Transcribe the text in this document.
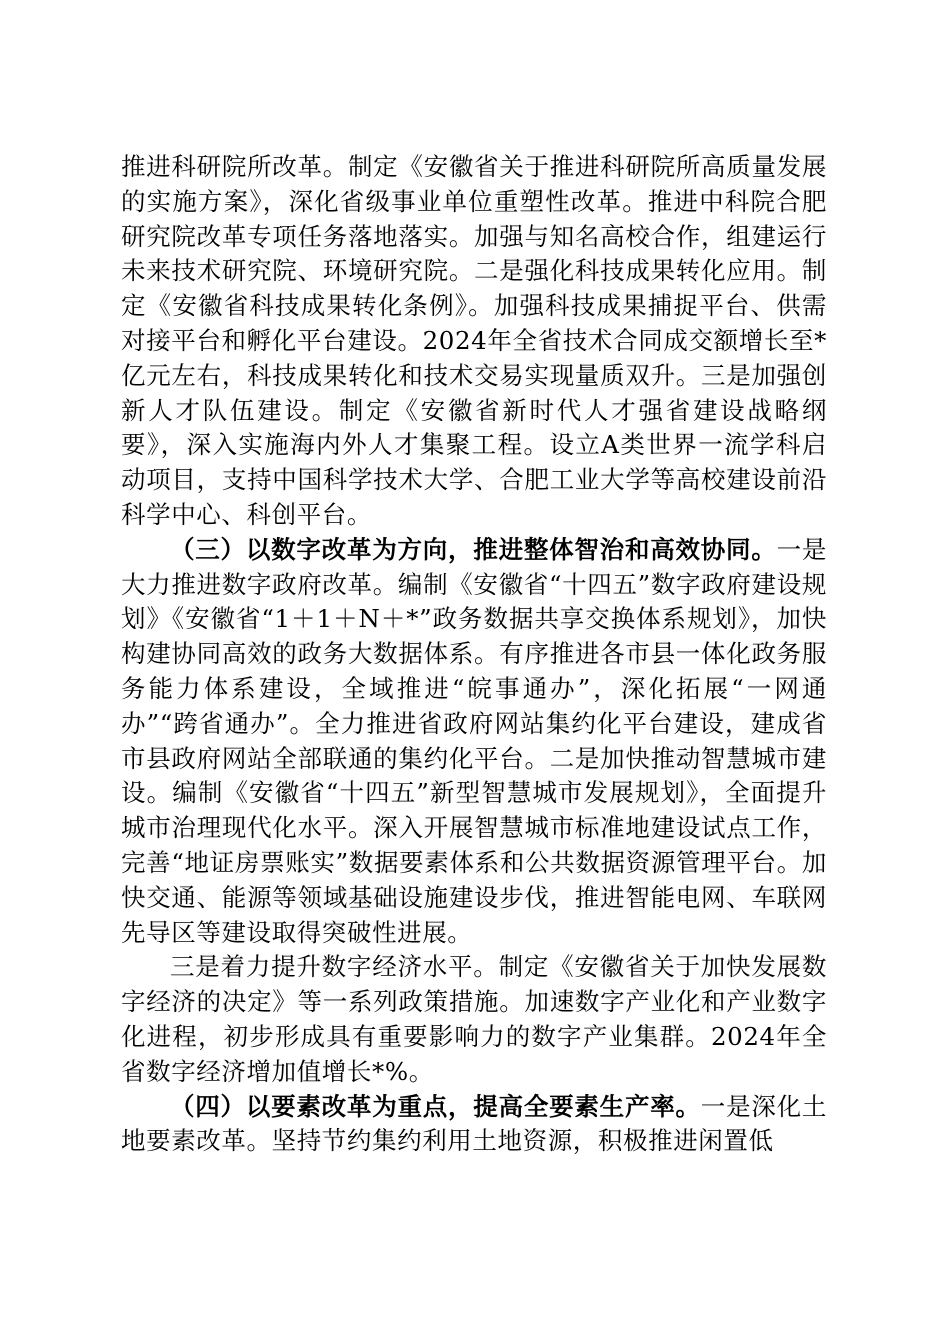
推进科研院所改革。制定《安徽省关于推进科研院所高质量发展的实施方案》，深化省级事业单位重塑性改革。推进中科院合肥研究院改革专项任务落地落实。加强与知名高校合作，组建运行未来技术研究院、环境研究院。二是强化科技成果转化应用。制定《安徽省科技成果转化条例》。加强科技成果捕捉平台、供需对接平台和孵化平台建设。2024年全省技术合同成交额增长至*亿元左右，科技成果转化和技术交易实现量质双升。三是加强创新人才队伍建设。制定《安徽省新时代人才强省建设战略纲要》，深入实施海内外人才集聚工程。设立A类世界一流学科启动项目，支持中国科学技术大学、合肥工业大学等高校建设前沿科学中心、科创平台。

（三）以数字改革为方向，推进整体智治和高效协同。一是大力推进数字政府改革。编制《安徽省“十四五”数字政府建设规划》《安徽省“1＋1＋N＋*”政务数据共享交换体系规划》，加快构建协同高效的政务大数据体系。有序推进各市县一体化政务服务能力体系建设，全域推进“皖事通办”，深化拓展“一网通办”“跨省通办”。全力推进省政府网站集约化平台建设，建成省市县政府网站全部联通的集约化平台。二是加快推动智慧城市建设。编制《安徽省“十四五”新型智慧城市发展规划》，全面提升城市治理现代化水平。深入开展智慧城市标准地建设试点工作，完善“地证房票账实”数据要素体系和公共数据资源管理平台。加快交通、能源等领域基础设施建设步伐，推进智能电网、车联网先导区等建设取得突破性进展。

三是着力提升数字经济水平。制定《安徽省关于加快发展数字经济的决定》等一系列政策措施。加速数字产业化和产业数字化进程，初步形成具有重要影响力的数字产业集群。2024年全省数字经济增加值增长*%。

（四）以要素改革为重点，提高全要素生产率。一是深化土地要素改革。坚持节约集约利用土地资源，积极推进闲置低
